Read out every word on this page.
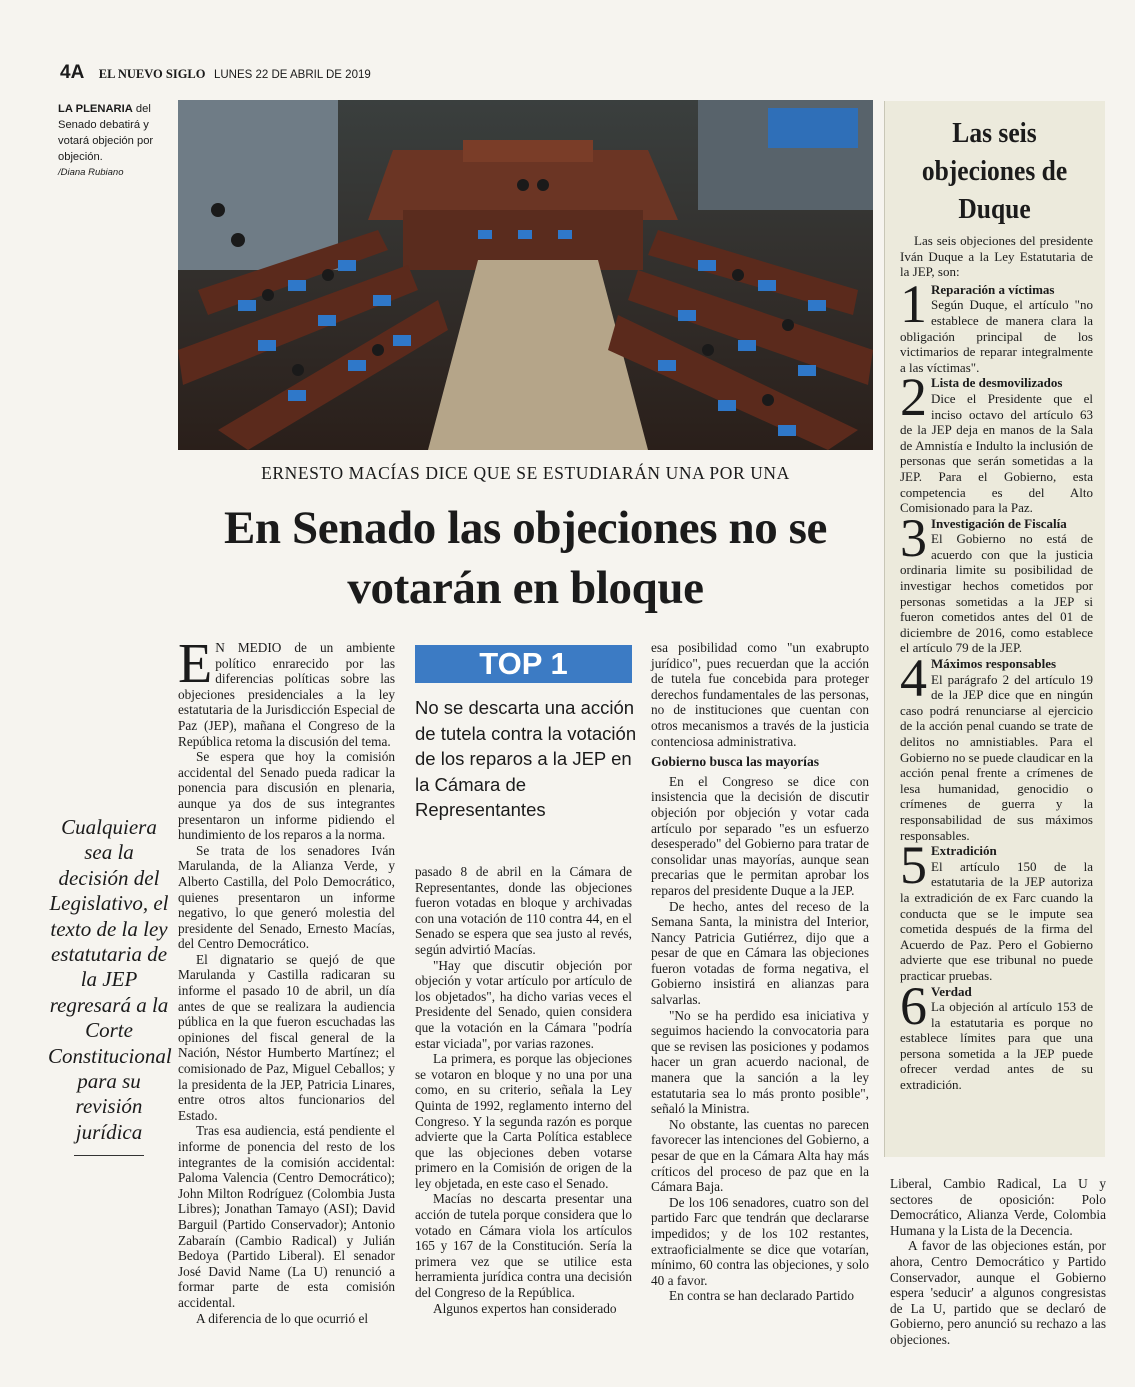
4A EL NUEVO SIGLO LUNES 22 DE ABRIL DE 2019
LA PLENARIA del Senado debatirá y votará objeción por objeción.
/Diana Rubiano
ERNESTO MACÍAS DICE QUE SE ESTUDIARÁN UNA POR UNA
En Senado las objeciones no se votarán en bloque

E N MEDIO de un ambiente político enrarecido por las diferencias políticas sobre las objeciones presidenciales a la ley estatutaria de la Jurisdicción Especial de Paz (JEP), mañana el Congreso de la República retoma la discusión del tema.

Se espera que hoy la comisión accidental del Senado pueda radicar la ponencia para discusión en plenaria, aunque ya dos de sus integrantes presentaron un informe pidiendo el hundimiento de los reparos a la norma.

Se trata de los senadores Iván Marulanda, de la Alianza Verde, y Alberto Castilla, del Polo Democrático, quienes presentaron un informe negativo, lo que generó molestia del presidente del Senado, Ernesto Macías, del Centro Democrático.

El dignatario se quejó de que Marulanda y Castilla radicaran su informe el pasado 10 de abril, un día antes de que se realizara la audiencia pública en la que fueron escuchadas las opiniones del fiscal general de la Nación, Néstor Humberto Martínez; el comisionado de Paz, Miguel Ceballos; y la presidenta de la JEP, Patricia Linares, entre otros altos funcionarios del Estado.

Tras esa audiencia, está pendiente el informe de ponencia del resto de los integrantes de la comisión accidental: Paloma Valencia (Centro Democrático); John Milton Rodríguez (Colombia Justa Libres); Jonathan Tamayo (ASI); David Barguil (Partido Conservador); Antonio Zabaraín (Cambio Radical) y Julián Bedoya (Partido Liberal). El senador José David Name (La U) renunció a formar parte de esta comisión accidental.

A diferencia de lo que ocurrió el

Cualquiera sea la decisión del Legislativo, el texto de la ley estatutaria de la JEP regresará a la Corte Constitucional para su revisión jurídica
TOP 1
No se descarta una acción de tutela contra la votación de los reparos a la JEP en la Cámara de Representantes

pasado 8 de abril en la Cámara de Representantes, donde las objeciones fueron votadas en bloque y archivadas con una votación de 110 contra 44, en el Senado se espera que sea justo al revés, según advirtió Macías.

"Hay que discutir objeción por objeción y votar artículo por artículo de los objetados", ha dicho varias veces el Presidente del Senado, quien considera que la votación en la Cámara "podría estar viciada", por varias razones.

La primera, es porque las objeciones se votaron en bloque y no una por una como, en su criterio, señala la Ley Quinta de 1992, reglamento interno del Congreso. Y la segunda razón es porque advierte que la Carta Política establece que las objeciones deben votarse primero en la Comisión de origen de la ley objetada, en este caso el Senado.

Macías no descarta presentar una acción de tutela porque considera que lo votado en Cámara viola los artículos 165 y 167 de la Constitución. Sería la primera vez que se utilice esta herramienta jurídica contra una decisión del Congreso de la República.

Algunos expertos han considerado

esa posibilidad como "un exabrupto jurídico", pues recuerdan que la acción de tutela fue concebida para proteger derechos fundamentales de las personas, no de instituciones que cuentan con otros mecanismos a través de la justicia contenciosa administrativa.

Gobierno busca las mayorías

En el Congreso se dice con insistencia que la decisión de discutir objeción por objeción y votar cada artículo por separado "es un esfuerzo desesperado" del Gobierno para tratar de consolidar unas mayorías, aunque sean precarias que le permitan aprobar los reparos del presidente Duque a la JEP.

De hecho, antes del receso de la Semana Santa, la ministra del Interior, Nancy Patricia Gutiérrez, dijo que a pesar de que en Cámara las objeciones fueron votadas de forma negativa, el Gobierno insistirá en alianzas para salvarlas.

"No se ha perdido esa iniciativa y seguimos haciendo la convocatoria para que se revisen las posiciones y podamos hacer un gran acuerdo nacional, de manera que la sanción a la ley estatutaria sea lo más pronto posible", señaló la Ministra.

No obstante, las cuentas no parecen favorecer las intenciones del Gobierno, a pesar de que en la Cámara Alta hay más críticos del proceso de paz que en la Cámara Baja.

De los 106 senadores, cuatro son del partido Farc que tendrán que declararse impedidos; y de los 102 restantes, extraoficialmente se dice que votarían, mínimo, 60 contra las objeciones, y solo 40 a favor.

En contra se han declarado Partido

Liberal, Cambio Radical, La U y sectores de oposición: Polo Democrático, Alianza Verde, Colombia Humana y la Lista de la Decencia.

A favor de las objeciones están, por ahora, Centro Democrático y Partido Conservador, aunque el Gobierno espera 'seducir' a algunos congresistas de La U, partido que se declaró de Gobierno, pero anunció su rechazo a las objeciones.

Las seis objeciones de Duque

Las seis objeciones del presidente Iván Duque a la Ley Estatutaria de la JEP, son:

1 Reparación a víctimas
Según Duque, el artículo "no establece de manera clara la obligación principal de los victimarios de reparar integralmente a las víctimas".
2 Lista de desmovilizados
Dice el Presidente que el inciso octavo del artículo 63 de la JEP deja en manos de la Sala de Amnistía e Indulto la inclusión de personas que serán sometidas a la JEP. Para el Gobierno, esta competencia es del Alto Comisionado para la Paz.
3 Investigación de Fiscalía
El Gobierno no está de acuerdo con que la justicia ordinaria limite su posibilidad de investigar hechos cometidos por personas sometidas a la JEP si fueron cometidos antes del 01 de diciembre de 2016, como establece el artículo 79 de la JEP.
4 Máximos responsables
El parágrafo 2 del artículo 19 de la JEP dice que en ningún caso podrá renunciarse al ejercicio de la acción penal cuando se trate de delitos no amnistiables. Para el Gobierno no se puede claudicar en la acción penal frente a crímenes de lesa humanidad, genocidio o crímenes de guerra y la responsabilidad de sus máximos responsables.
5 Extradición
El artículo 150 de la estatutaria de la JEP autoriza la extradición de ex Farc cuando la conducta que se le impute sea cometida después de la firma del Acuerdo de Paz. Pero el Gobierno advierte que ese tribunal no puede practicar pruebas.
6 Verdad
La objeción al artículo 153 de la estatutaria es porque no establece límites para que una persona sometida a la JEP puede ofrecer verdad antes de su extradición.
